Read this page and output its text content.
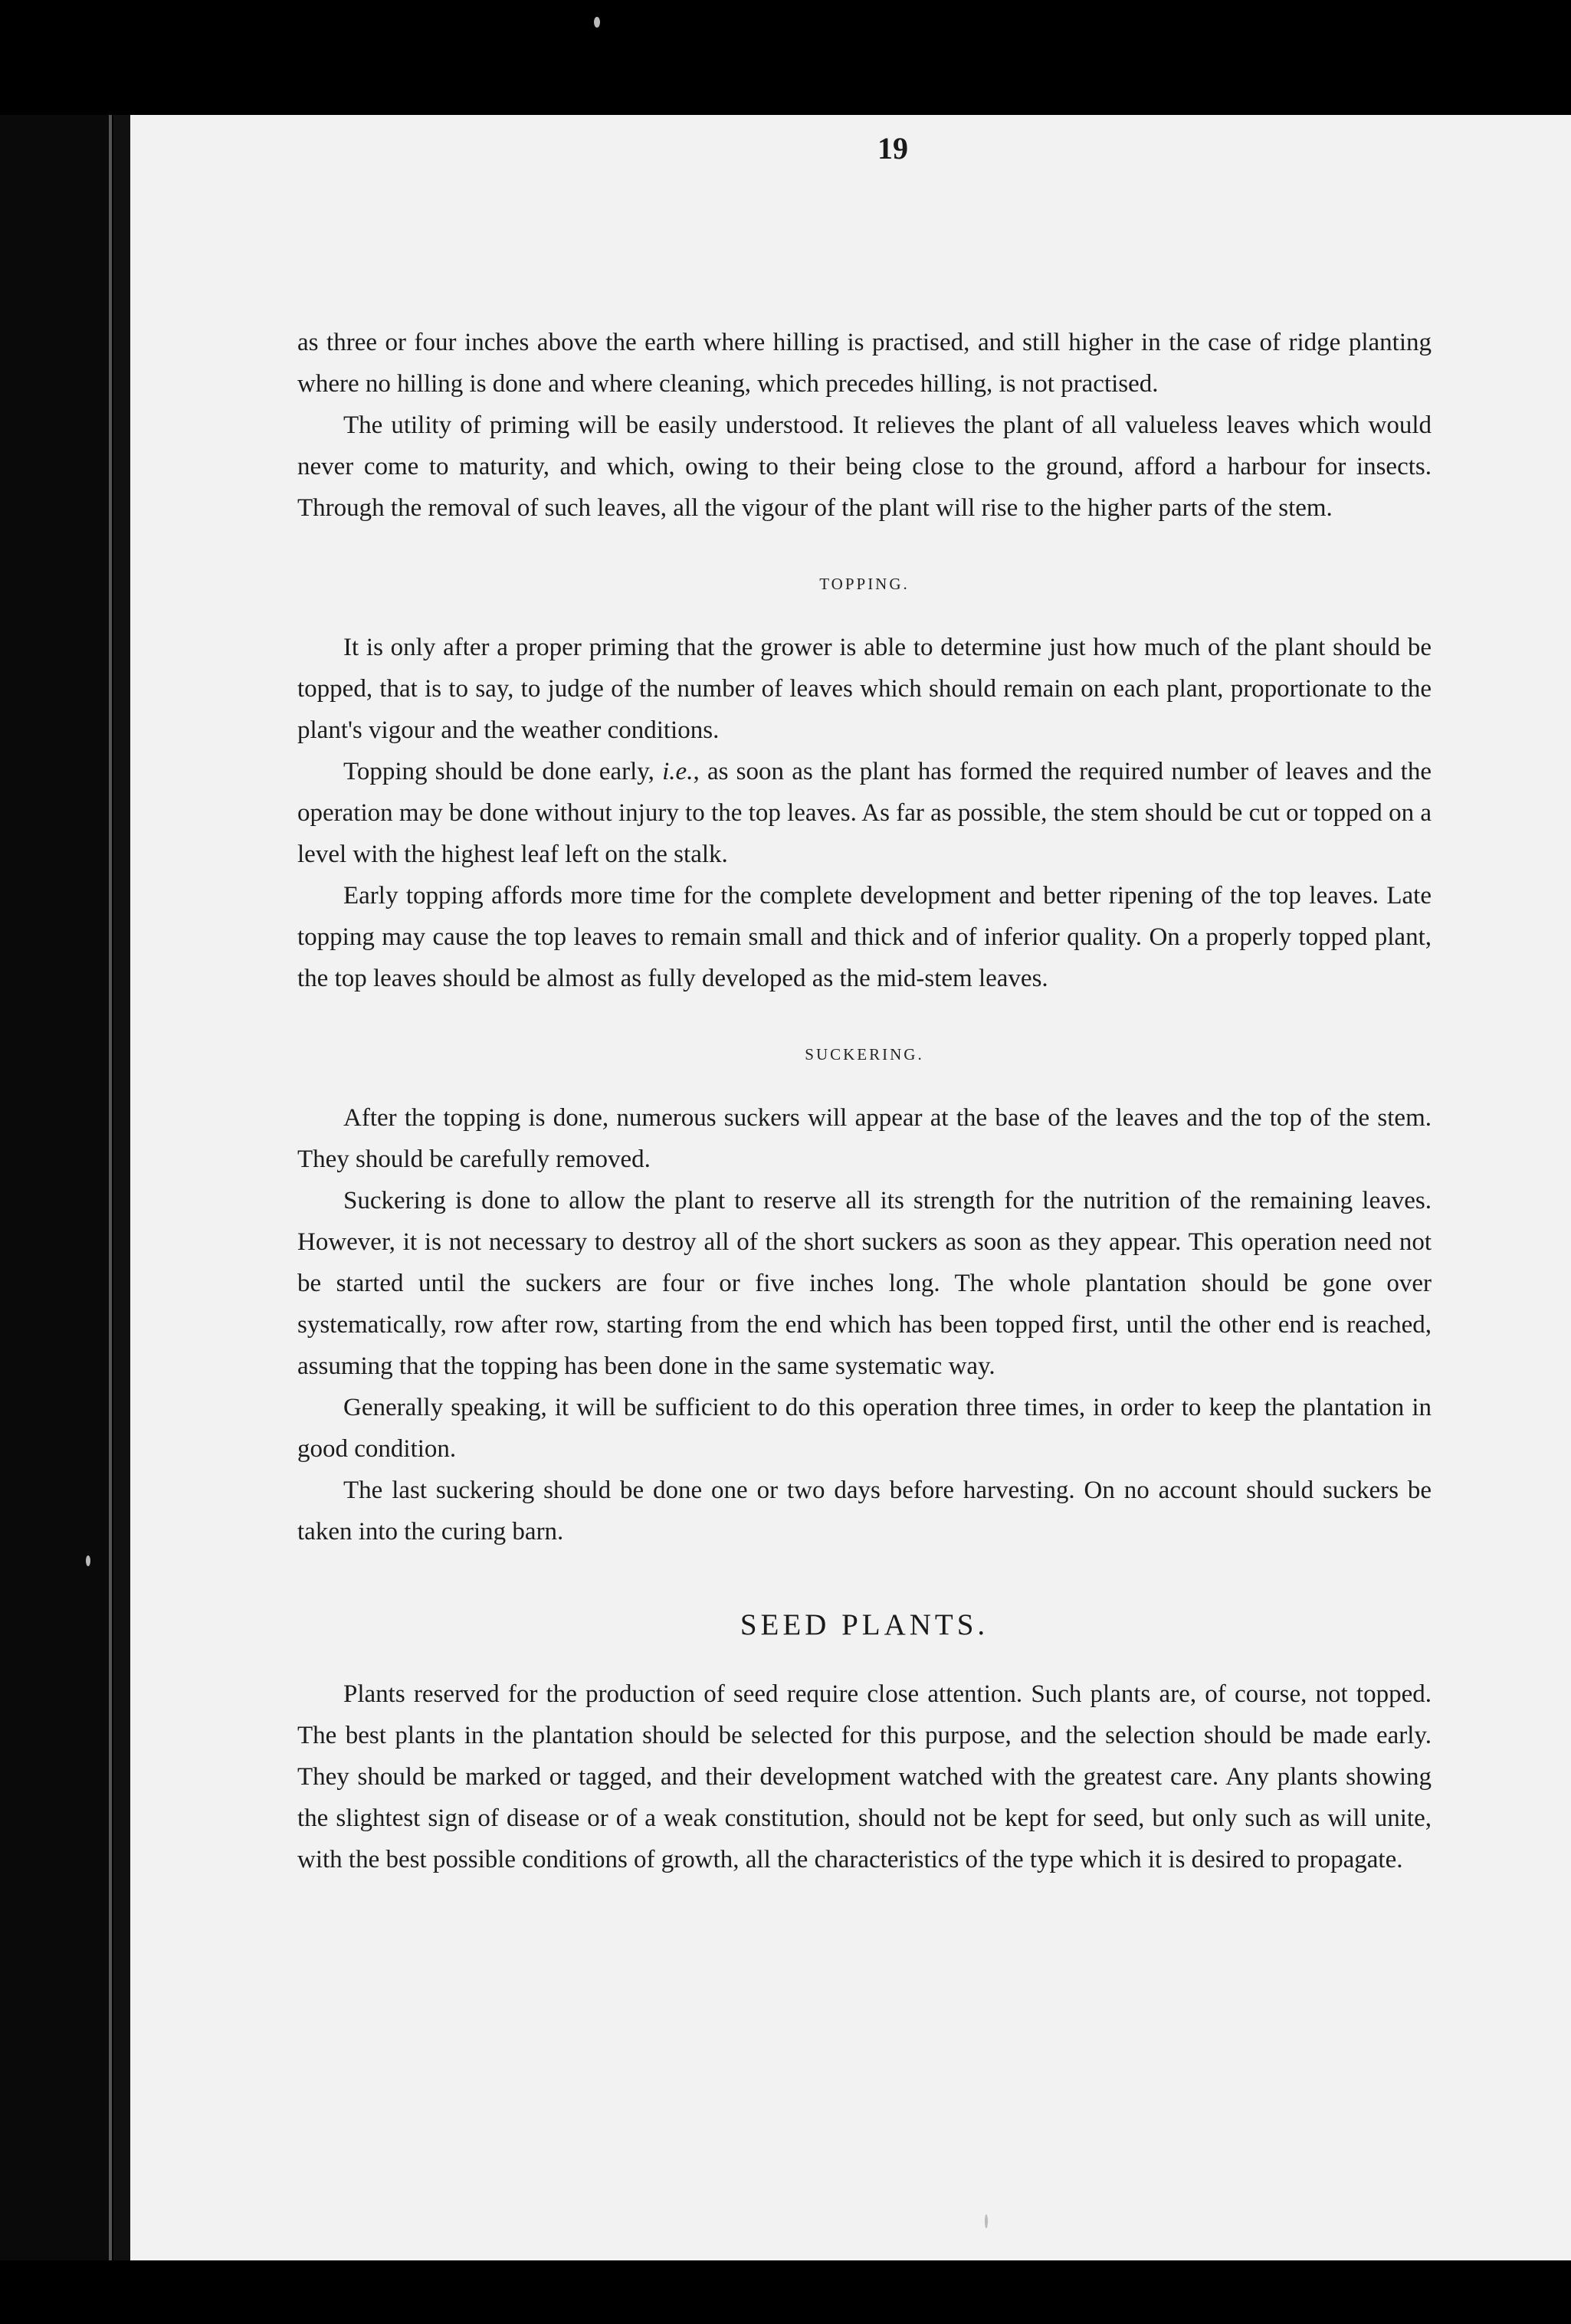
19

as three or four inches above the earth where hilling is practised, and still higher in the case of ridge planting where no hilling is done and where cleaning, which precedes hilling, is not practised.

The utility of priming will be easily understood. It relieves the plant of all valueless leaves which would never come to maturity, and which, owing to their being close to the ground, afford a harbour for insects. Through the removal of such leaves, all the vigour of the plant will rise to the higher parts of the stem.

TOPPING.

It is only after a proper priming that the grower is able to determine just how much of the plant should be topped, that is to say, to judge of the number of leaves which should remain on each plant, proportionate to the plant's vigour and the weather conditions.

Topping should be done early, i.e., as soon as the plant has formed the required number of leaves and the operation may be done without injury to the top leaves. As far as possible, the stem should be cut or topped on a level with the highest leaf left on the stalk.

Early topping affords more time for the complete development and better ripening of the top leaves. Late topping may cause the top leaves to remain small and thick and of inferior quality. On a properly topped plant, the top leaves should be almost as fully developed as the mid-stem leaves.

SUCKERING.

After the topping is done, numerous suckers will appear at the base of the leaves and the top of the stem. They should be carefully removed.

Suckering is done to allow the plant to reserve all its strength for the nutrition of the remaining leaves. However, it is not necessary to destroy all of the short suckers as soon as they appear. This operation need not be started until the suckers are four or five inches long. The whole plantation should be gone over systematically, row after row, starting from the end which has been topped first, until the other end is reached, assuming that the topping has been done in the same systematic way.

Generally speaking, it will be sufficient to do this operation three times, in order to keep the plantation in good condition.

The last suckering should be done one or two days before harvesting. On no account should suckers be taken into the curing barn.

SEED PLANTS.

Plants reserved for the production of seed require close attention. Such plants are, of course, not topped. The best plants in the plantation should be selected for this purpose, and the selection should be made early. They should be marked or tagged, and their development watched with the greatest care. Any plants showing the slightest sign of disease or of a weak constitution, should not be kept for seed, but only such as will unite, with the best possible conditions of growth, all the characteristics of the type which it is desired to propagate.
